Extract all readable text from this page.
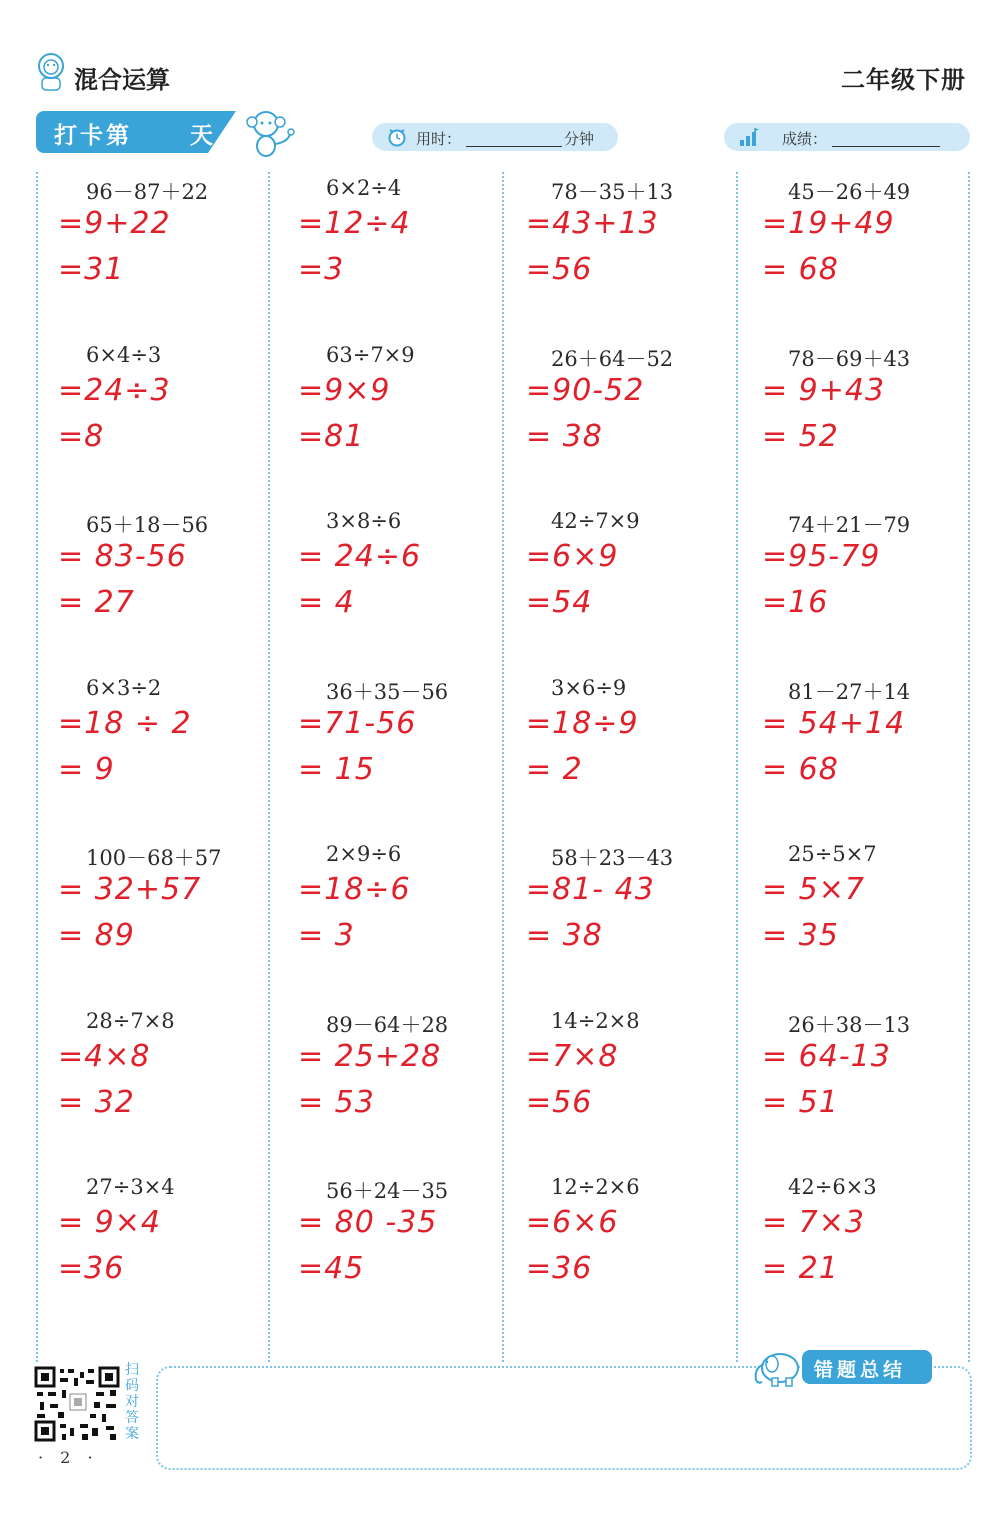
混合运算	二年级下册
打卡第	天	用时：	分钟	成绩：
96－87＋22
=9+22
=31
6×2÷4
=12÷4
=3
78－35＋13
=43+13
=56
45－26＋49
=19+49
= 68
6×4÷3
=24÷3
=8
63÷7×9
=9×9
=81
26＋64－52
=90-52
= 38
78－69＋43
= 9+43
= 52
65＋18－56
= 83-56
= 27
3×8÷6
= 24÷6
= 4
42÷7×9
=6×9
=54
74＋21－79
=95-79
=16
6×3÷2
=18 ÷ 2
= 9
36＋35－56
=71-56
= 15
3×6÷9
=18÷9
= 2
81－27＋14
= 54+14
= 68
100－68＋57
= 32+57
= 89
2×9÷6
=18÷6
= 3
58＋23－43
=81- 43
= 38
25÷5×7
= 5×7
= 35
28÷7×8
=4×8
= 32
89－64＋28
= 25+28
= 53
14÷2×8
=7×8
=56
26＋38－13
= 64-13
= 51
27÷3×4
= 9×4
=36
56＋24－35
= 80 -35
=45
12÷2×6
=6×6
=36
42÷6×3
= 7×3
= 21
扫码对答案
· 2 ·
错题总结
